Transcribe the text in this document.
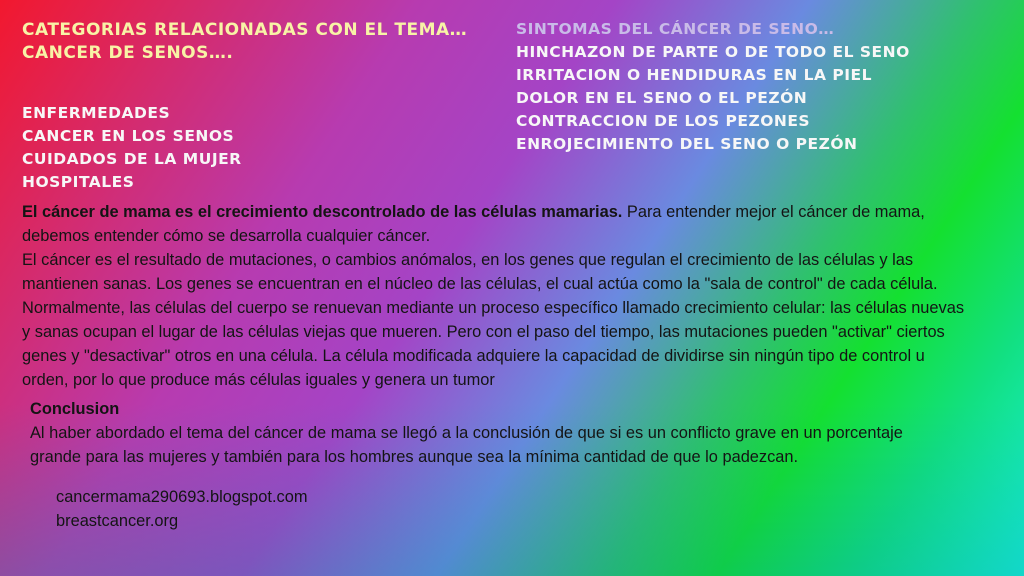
CATEGORIAS RELACIONADAS CON EL TEMA…
CANCER DE SENOS….
SINTOMAS DEL CÁNCER DE SENO…
HINCHAZON DE PARTE O DE TODO EL SENO
IRRITACION O HENDIDURAS EN LA PIEL
DOLOR EN EL SENO O EL PEZÓN
CONTRACCION DE LOS PEZONES
ENROJECIMIENTO DEL SENO O PEZÓN
ENFERMEDADES
CANCER EN LOS SENOS
CUIDADOS DE LA MUJER
HOSPITALES

El cáncer de mama es el crecimiento descontrolado de las células mamarias. Para entender mejor el cáncer de mama, debemos entender cómo se desarrolla cualquier cáncer.

El cáncer es el resultado de mutaciones, o cambios anómalos, en los genes que regulan el crecimiento de las células y las mantienen sanas. Los genes se encuentran en el núcleo de las células, el cual actúa como la "sala de control" de cada célula. Normalmente, las células del cuerpo se renuevan mediante un proceso específico llamado crecimiento celular: las células nuevas y sanas ocupan el lugar de las células viejas que mueren. Pero con el paso del tiempo, las mutaciones pueden "activar" ciertos genes y "desactivar" otros en una célula. La célula modificada adquiere la capacidad de dividirse sin ningún tipo de control u orden, por lo que produce más células iguales y genera un tumor

Conclusion

Al haber abordado el tema del cáncer de mama se llegó a la conclusión de que si es un conflicto grave en un porcentaje grande para las mujeres y también para los hombres aunque sea la mínima cantidad de que lo padezcan.

cancermama290693.blogspot.com
breastcancer.org
